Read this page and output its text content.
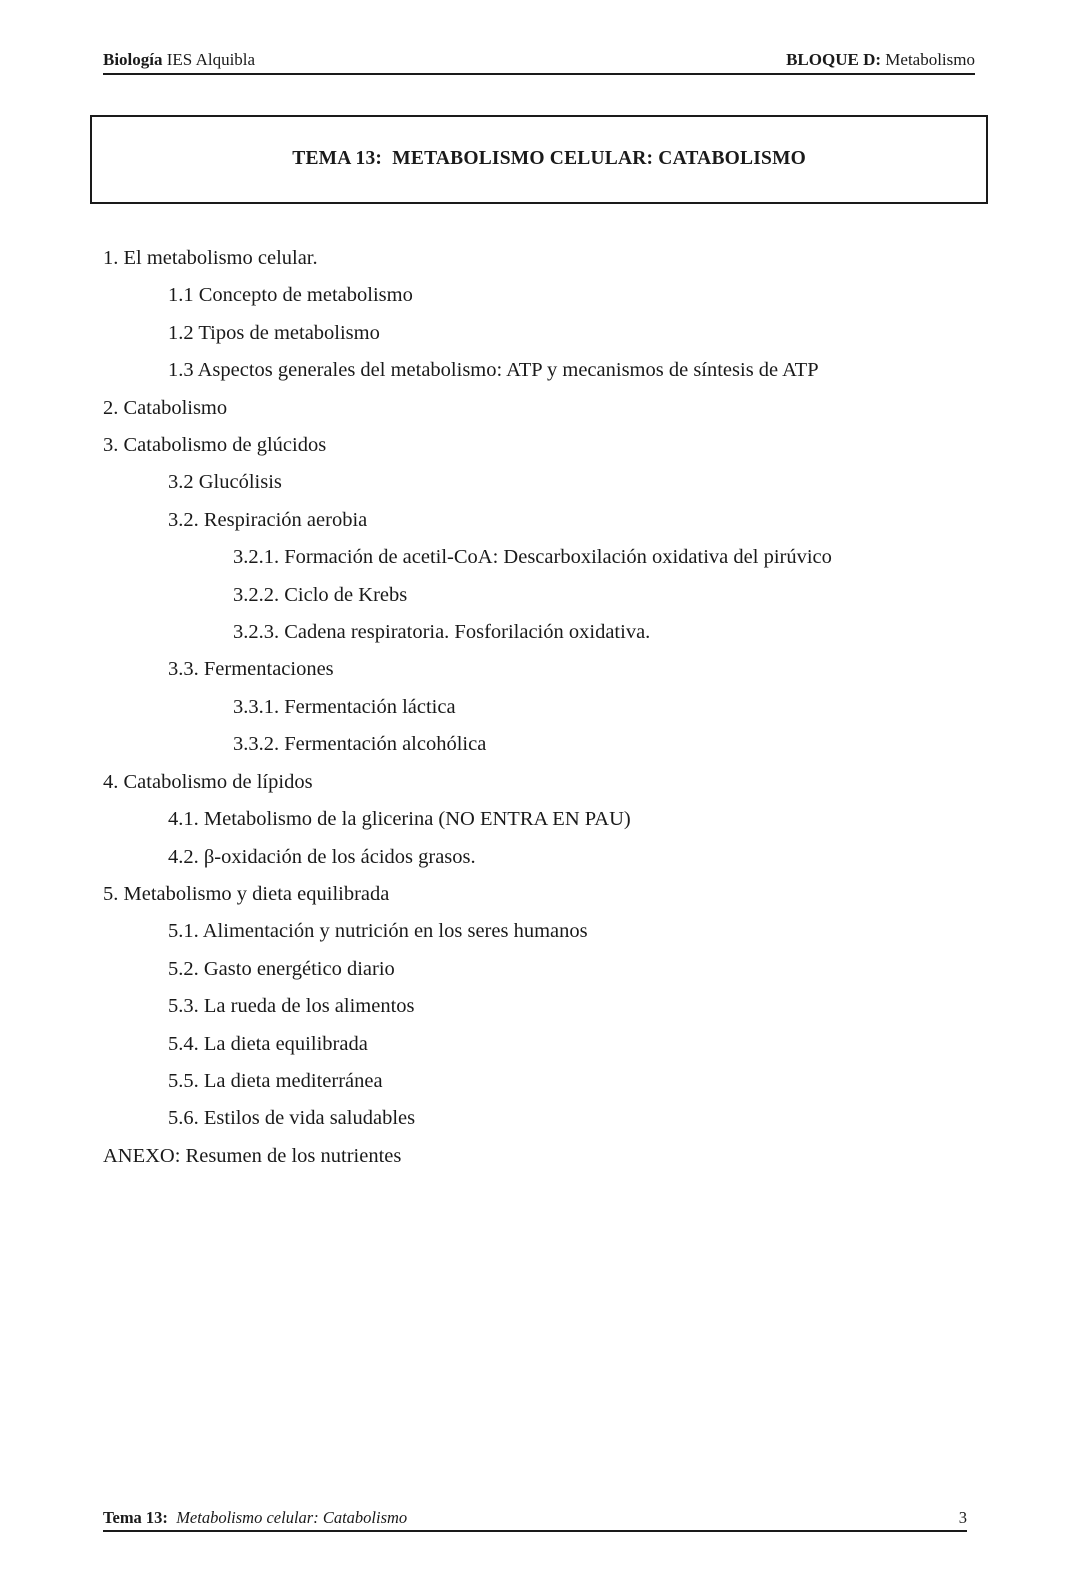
Biología IES Alquibla	BLOQUE D: Metabolismo

TEMA 13:  METABOLISMO CELULAR: CATABOLISMO

1. El metabolismo celular.
1.1 Concepto de metabolismo
1.2 Tipos de metabolismo
1.3 Aspectos generales del metabolismo: ATP y mecanismos de síntesis de ATP
2. Catabolismo
3. Catabolismo de glúcidos
3.2 Glucólisis
3.2. Respiración aerobia
3.2.1. Formación de acetil-CoA: Descarboxilación oxidativa del pirúvico
3.2.2. Ciclo de Krebs
3.2.3. Cadena respiratoria. Fosforilación oxidativa.
3.3. Fermentaciones
3.3.1. Fermentación láctica
3.3.2. Fermentación alcohólica
4. Catabolismo de lípidos
4.1. Metabolismo de la glicerina (NO ENTRA EN PAU)
4.2. β-oxidación de los ácidos grasos.
5. Metabolismo y dieta equilibrada
5.1. Alimentación y nutrición en los seres humanos
5.2. Gasto energético diario
5.3. La rueda de los alimentos
5.4. La dieta equilibrada
5.5. La dieta mediterránea
5.6. Estilos de vida saludables
ANEXO: Resumen de los nutrientes
Tema 13:  Metabolismo celular: Catabolismo	3
